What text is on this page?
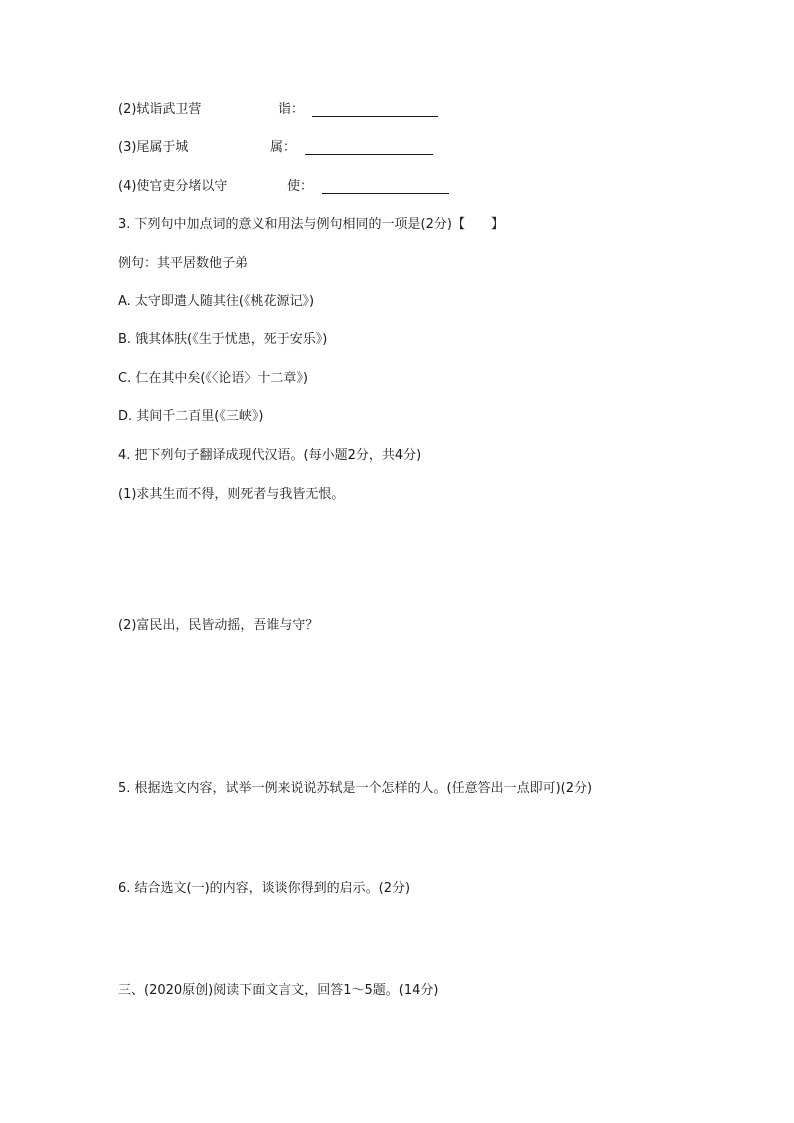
(2)轼诣武卫营	诣：
(3)尾属于城	属：
(4)使官吏分堵以守	使：
3. 下列句中加点词的意义和用法与例句相同的一项是(2分)【　　】
例句：其平居数他子弟
A. 太守即遣人随其往(《桃花源记》)
B. 饿其体肤(《生于忧患，死于安乐》)
C. 仁在其中矣(《〈论语〉十二章》)
D. 其间千二百里(《三峡》)
4. 把下列句子翻译成现代汉语。(每小题2分，共4分)
(1)求其生而不得，则死者与我皆无恨。
(2)富民出，民皆动摇，吾谁与守？
5. 根据选文内容，试举一例来说说苏轼是一个怎样的人。(任意答出一点即可)(2分)
6. 结合选文(一)的内容，谈谈你得到的启示。(2分)
三、(2020原创)阅读下面文言文，回答1～5题。(14分)
